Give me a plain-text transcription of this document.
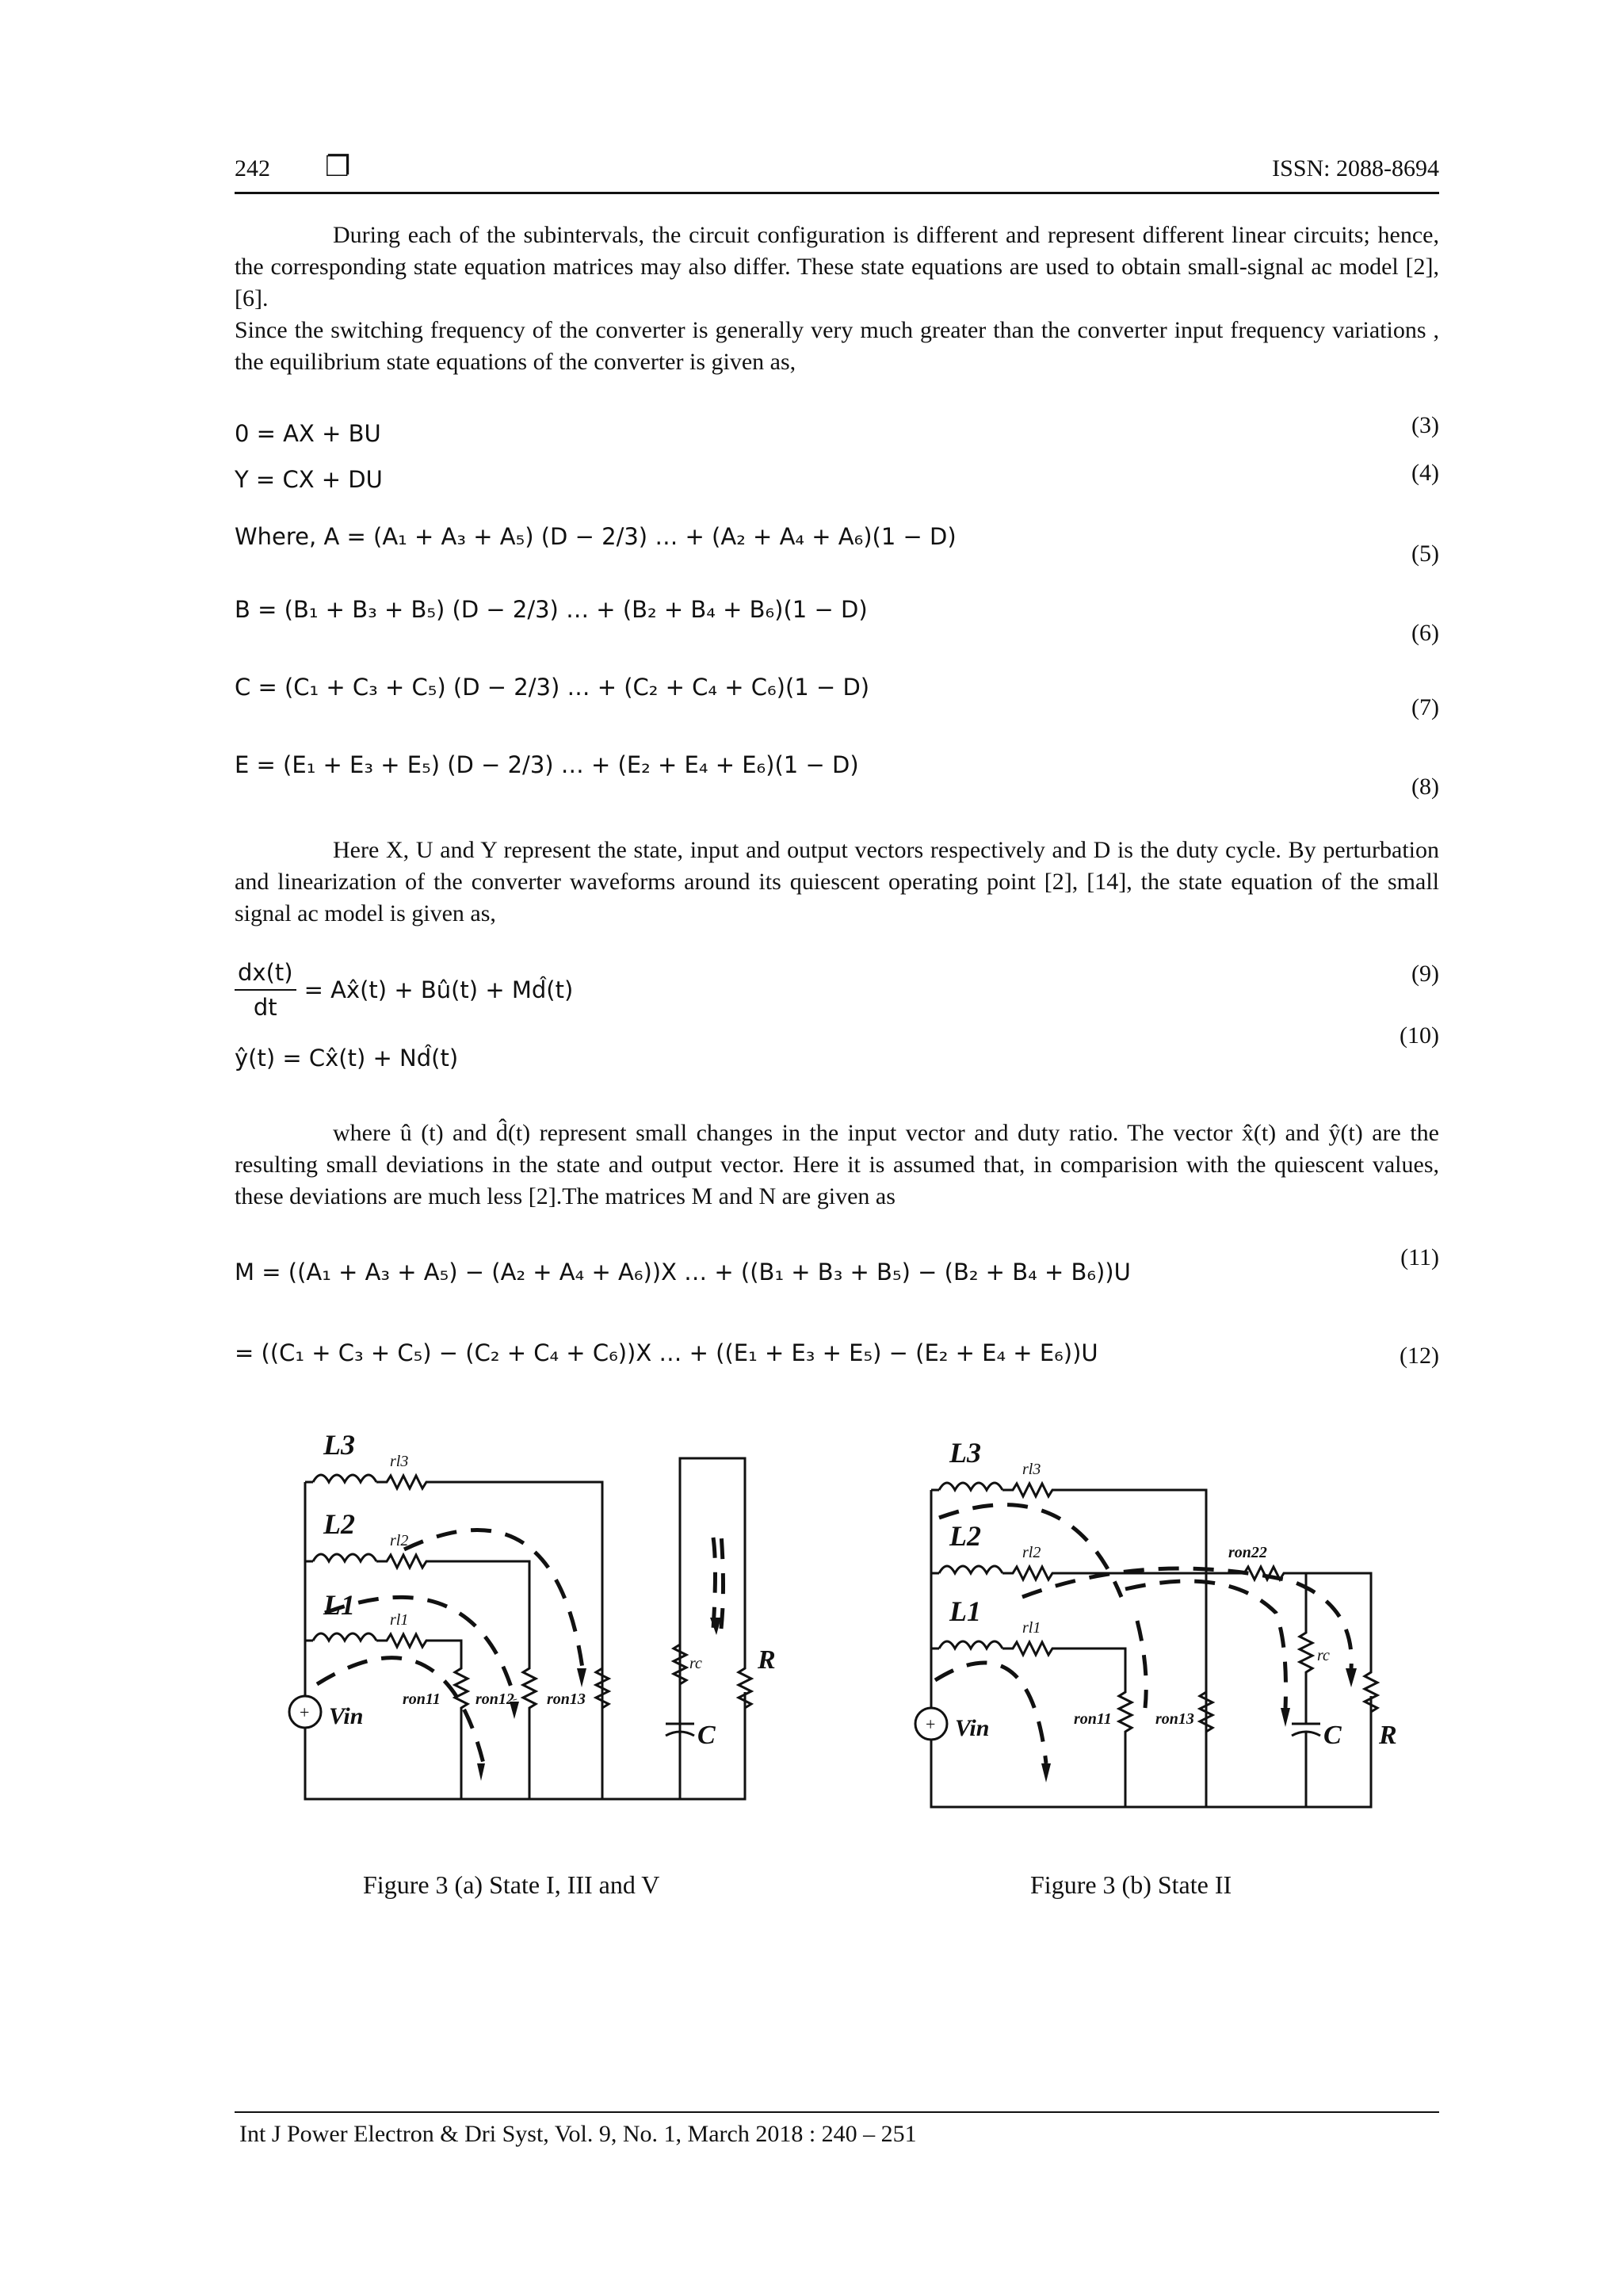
242 ❐	ISSN: 2088-8694

During each of the subintervals, the circuit configuration is different and represent different linear circuits; hence, the corresponding state equation matrices may also differ. These state equations are used to obtain small-signal ac model [2], [6].

Since the switching frequency of the converter is generally very much greater than the converter input frequency variations , the equilibrium state equations of the converter is given as,

0 = AX + BU	(3)
Y = CX + DU	(4)
Where, A = (A₁ + A₃ + A₅) (D − 2/3) … + (A₂ + A₄ + A₆)(1 − D)
(5)
B = (B₁ + B₃ + B₅) (D − 2/3) … + (B₂ + B₄ + B₆)(1 − D)
(6)
C = (C₁ + C₃ + C₅) (D − 2/3) … + (C₂ + C₄ + C₆)(1 − D)
(7)
E = (E₁ + E₃ + E₅) (D − 2/3) … + (E₂ + E₄ + E₆)(1 − D)
(8)

Here X, U and Y represent the state, input and output vectors respectively and D is the duty cycle. By perturbation and linearization of the converter waveforms around its quiescent operating point [2], [14], the state equation of the small signal ac model is given as,

$\frac{dx(t)}{dt}$ = Ax̂(t) + Bû(t) + Md̂(t)
(9)
ŷ(t) = Cx̂(t) + Nd̂(t)
(10)

where û (t) and d̂(t) represent small changes in the input vector and duty ratio. The vector x̂(t) and ŷ(t) are the resulting small deviations in the state and output vector. Here it is assumed that, in comparision with the quiescent values, these deviations are much less [2].The matrices M and N are given as

M = ((A₁ + A₃ + A₅) − (A₂ + A₄ + A₆))X … + ((B₁ + B₃ + B₅) − (B₂ + B₄ + B₆))U
(11)
= ((C₁ + C₃ + C₅) − (C₂ + C₄ + C₆))X … + ((E₁ + E₃ + E₅) − (E₂ + E₄ + E₆))U	(12)
+
L3
rl3
L2
rl2
L1 rl1
Vin
ron11 ron12 ron13
rc
C
R
Figure 3 (a) State I, III and V
+
L3
rl3
L2
rl2	ron22
L1
rl1
Vin	ron11	ron13
rc
C R
Figure 3 (b) State II
Int J Power Electron & Dri Syst, Vol. 9, No. 1, March 2018 : 240 – 251
